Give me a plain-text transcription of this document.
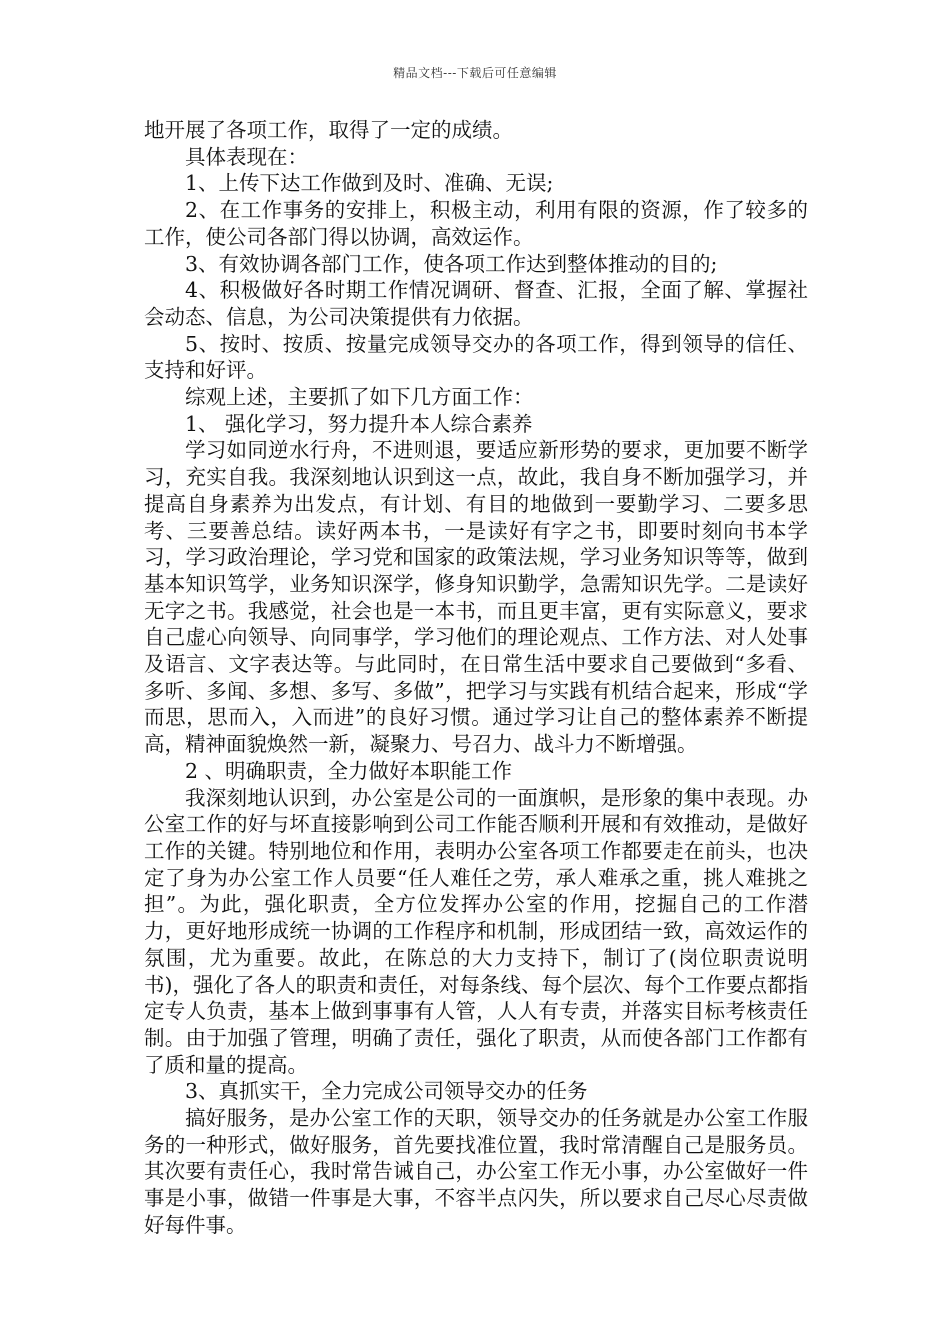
精品文档---下载后可任意编辑

地开展了各项工作，取得了一定的成绩。

具体表现在：

1、上传下达工作做到及时、准确、无误;

2、在工作事务的安排上，积极主动，利用有限的资源，作了较多的工作，使公司各部门得以协调，高效运作。

3、有效协调各部门工作，使各项工作达到整体推动的目的;

4、积极做好各时期工作情况调研、督查、汇报，全面了解、掌握社会动态、信息，为公司决策提供有力依据。

5、按时、按质、按量完成领导交办的各项工作，得到领导的信任、支持和好评。

综观上述，主要抓了如下几方面工作：

1、 强化学习，努力提升本人综合素养

学习如同逆水行舟，不进则退，要适应新形势的要求，更加要不断学习，充实自我。我深刻地认识到这一点，故此，我自身不断加强学习，并提高自身素养为出发点，有计划、有目的地做到一要勤学习、二要多思考、三要善总结。读好两本书，一是读好有字之书，即要时刻向书本学习，学习政治理论，学习党和国家的政策法规，学习业务知识等等，做到基本知识笃学，业务知识深学，修身知识勤学，急需知识先学。二是读好无字之书。我感觉，社会也是一本书，而且更丰富，更有实际意义，要求自己虚心向领导、向同事学，学习他们的理论观点、工作方法、对人处事及语言、文字表达等。与此同时，在日常生活中要求自己要做到“多看、多听、多闻、多想、多写、多做”，把学习与实践有机结合起来，形成“学而思，思而入，入而进”的良好习惯。通过学习让自己的整体素养不断提高，精神面貌焕然一新，凝聚力、号召力、战斗力不断增强。

2 、明确职责，全力做好本职能工作

我深刻地认识到，办公室是公司的一面旗帜，是形象的集中表现。办公室工作的好与坏直接影响到公司工作能否顺利开展和有效推动，是做好工作的关键。特别地位和作用，表明办公室各项工作都要走在前头，也决定了身为办公室工作人员要“任人难任之劳，承人难承之重，挑人难挑之担”。为此，强化职责，全方位发挥办公室的作用，挖掘自己的工作潜力，更好地形成统一协调的工作程序和机制，形成团结一致，高效运作的氛围，尤为重要。故此，在陈总的大力支持下，制订了(岗位职责说明书)，强化了各人的职责和责任，对每条线、每个层次、每个工作要点都指定专人负责，基本上做到事事有人管，人人有专责，并落实目标考核责任制。由于加强了管理，明确了责任，强化了职责，从而使各部门工作都有了质和量的提高。

3、真抓实干，全力完成公司领导交办的任务

搞好服务，是办公室工作的天职，领导交办的任务就是办公室工作服务的一种形式，做好服务，首先要找准位置，我时常清醒自己是服务员。其次要有责任心，我时常告诫自己，办公室工作无小事，办公室做好一件事是小事，做错一件事是大事，不容半点闪失，所以要求自己尽心尽责做好每件事。
